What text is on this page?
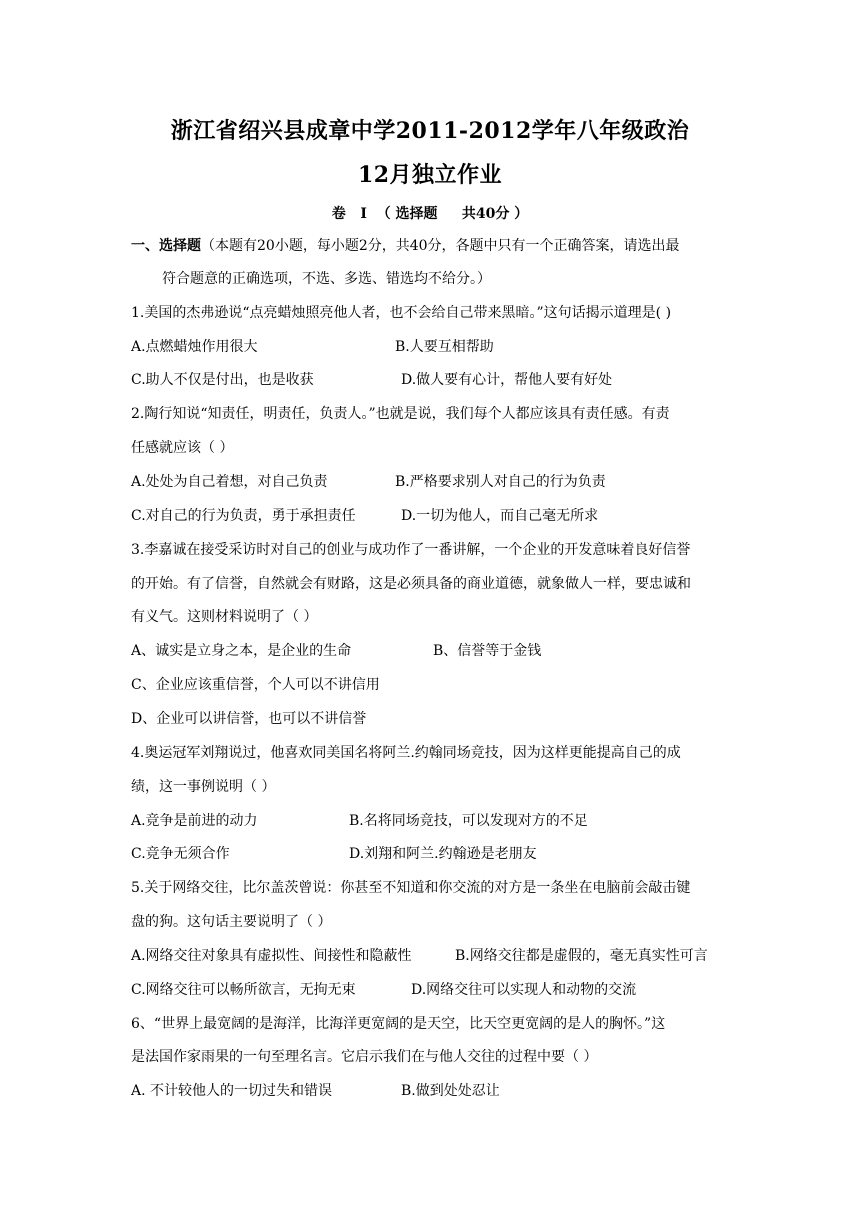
浙江省绍兴县成章中学2011-2012学年八年级政治
12月独立作业
卷   I  （ 选择题     共40分 ）
一、选择题（本题有20小题，每小题2分，共40分，各题中只有一个正确答案，请选出最
符合题意的正确选项，不选、多选、错选均不给分。）
1.美国的杰弗逊说“点亮蜡烛照亮他人者，也不会给自己带来黑暗。”这句话揭示道理是( )
A.点燃蜡烛作用很大	B.人要互相帮助
C.助人不仅是付出，也是收获	D.做人要有心计，帮他人要有好处
2.陶行知说“知责任，明责任，负责人。”也就是说，我们每个人都应该具有责任感。有责
任感就应该（ ）
A.处处为自己着想，对自己负责	B.严格要求别人对自己的行为负责
C.对自己的行为负责，勇于承担责任	D.一切为他人，而自己毫无所求
3.李嘉诚在接受采访时对自己的创业与成功作了一番讲解，一个企业的开发意味着良好信誉
的开始。有了信誉，自然就会有财路，这是必须具备的商业道德，就象做人一样，要忠诚和
有义气。这则材料说明了（ ）
A、诚实是立身之本，是企业的生命	B、信誉等于金钱
C、企业应该重信誉，个人可以不讲信用
D、企业可以讲信誉，也可以不讲信誉
4.奥运冠军刘翔说过，他喜欢同美国名将阿兰.约翰同场竞技，因为这样更能提高自己的成
绩，这一事例说明（ ）
A.竞争是前进的动力	B.名将同场竞技，可以发现对方的不足
C.竞争无须合作	D.刘翔和阿兰.约翰逊是老朋友
5.关于网络交往，比尔盖茨曾说：你甚至不知道和你交流的对方是一条坐在电脑前会敲击键
盘的狗。这句话主要说明了（ ）
A.网络交往对象具有虚拟性、间接性和隐蔽性	B.网络交往都是虚假的，毫无真实性可言
C.网络交往可以畅所欲言，无拘无束	D.网络交往可以实现人和动物的交流
6、“世界上最宽阔的是海洋，比海洋更宽阔的是天空，比天空更宽阔的是人的胸怀。”这
是法国作家雨果的一句至理名言。它启示我们在与他人交往的过程中要（ ）
A. 不计较他人的一切过失和错误	B.做到处处忍让
